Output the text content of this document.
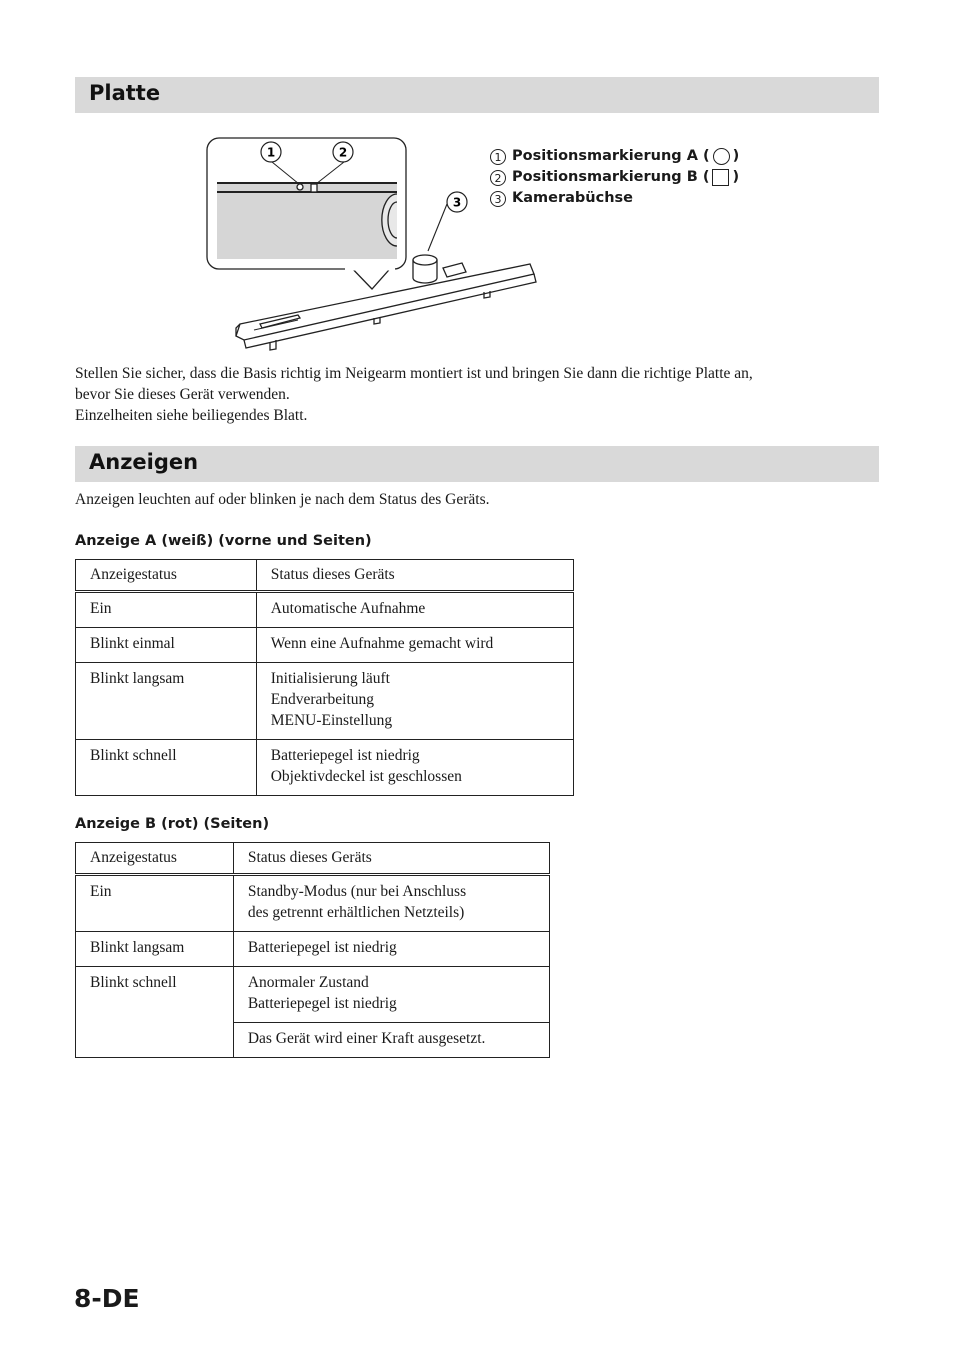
Platte
1	2
3
1 Positionsmarkierung A ( )
2 Positionsmarkierung B ( )
3 Kamerabüchse

Stellen Sie sicher, dass die Basis richtig im Neigearm montiert ist und bringen Sie dann die richtige Platte an,
bevor Sie dieses Gerät verwenden.
Einzelheiten siehe beiliegendes Blatt.

Anzeigen

Anzeigen leuchten auf oder blinken je nach dem Status des Geräts.

Anzeige A (weiß) (vorne und Seiten)

Anzeigestatus	Status dieses Geräts
Ein	Automatische Aufnahme

Blinkt einmal	Wenn eine Aufnahme gemacht wird

Blinkt langsam	Initialisierung läuft
Endverarbeitung
MENU-Einstellung

Blinkt schnell	Batteriepegel ist niedrig
Objektivdeckel ist geschlossen

Anzeige B (rot) (Seiten)

Anzeigestatus	Status dieses Geräts
Ein	Standby-Modus (nur bei Anschluss
des getrennt erhältlichen Netzteils)

Blinkt langsam	Batteriepegel ist niedrig

Blinkt schnell	Anormaler Zustand
Batteriepegel ist niedrig

	Das Gerät wird einer Kraft ausgesetzt.

8-DE
